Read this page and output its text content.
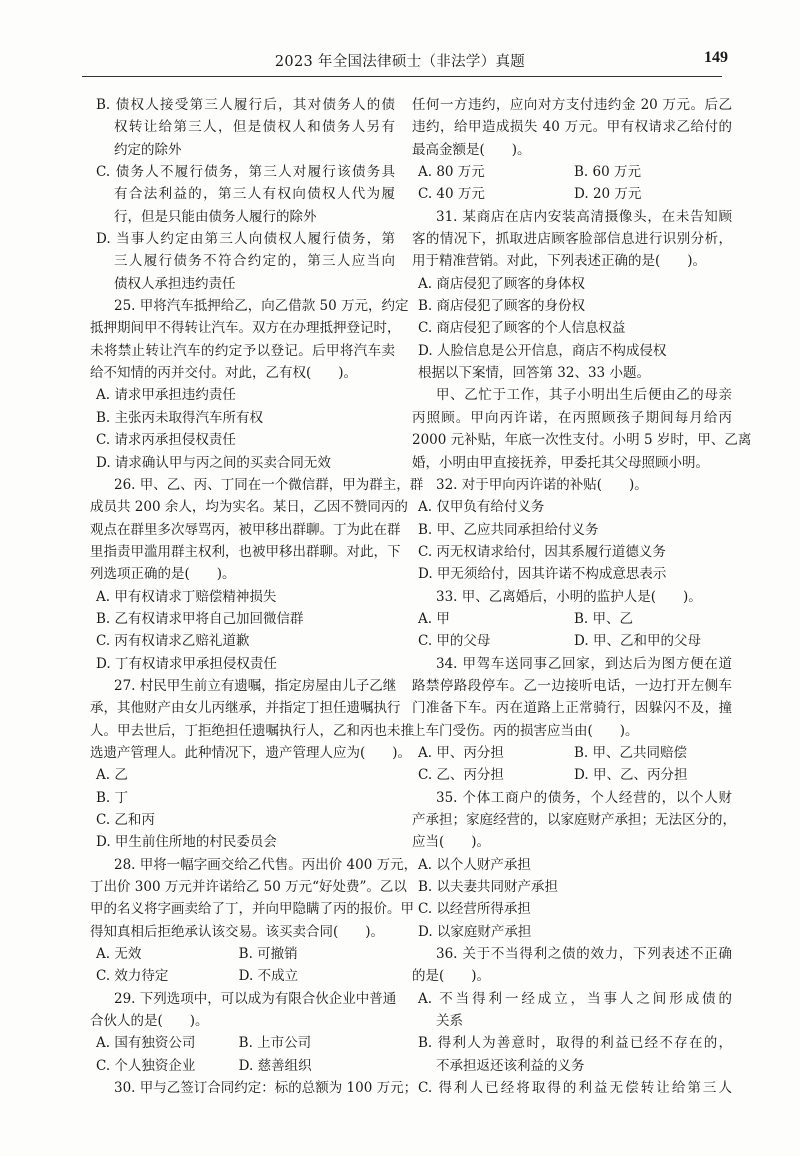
2023 年全国法律硕士（非法学）真题	149
B. 债权人接受第三人履行后，其对债务人的债
权转让给第三人，但是债权人和债务人另有
约定的除外
C. 债务人不履行债务，第三人对履行该债务具
有合法利益的，第三人有权向债权人代为履
行，但是只能由债务人履行的除外
D. 当事人约定由第三人向债权人履行债务，第
三人履行债务不符合约定的，第三人应当向
债权人承担违约责任
25. 甲将汽车抵押给乙，向乙借款 50 万元，约定
抵押期间甲不得转让汽车。双方在办理抵押登记时，
未将禁止转让汽车的约定予以登记。后甲将汽车卖
给不知情的丙并交付。对此，乙有权(　　)。
A. 请求甲承担违约责任
B. 主张丙未取得汽车所有权
C. 请求丙承担侵权责任
D. 请求确认甲与丙之间的买卖合同无效
26. 甲、乙、丙、丁同在一个微信群，甲为群主，群
成员共 200 余人，均为实名。某日，乙因不赞同丙的
观点在群里多次辱骂丙，被甲移出群聊。丁为此在群
里指责甲滥用群主权利，也被甲移出群聊。对此，下
列选项正确的是(　　)。
A. 甲有权请求丁赔偿精神损失
B. 乙有权请求甲将自己加回微信群
C. 丙有权请求乙赔礼道歉
D. 丁有权请求甲承担侵权责任
27. 村民甲生前立有遗嘱，指定房屋由儿子乙继
承，其他财产由女儿丙继承，并指定丁担任遗嘱执行
人。甲去世后，丁拒绝担任遗嘱执行人，乙和丙也未推
选遗产管理人。此种情况下，遗产管理人应为(　　)。
A. 乙
B. 丁
C. 乙和丙
D. 甲生前住所地的村民委员会
28. 甲将一幅字画交给乙代售。丙出价 400 万元，
丁出价 300 万元并许诺给乙 50 万元“好处费”。乙以
甲的名义将字画卖给了丁，并向甲隐瞒了丙的报价。甲
得知真相后拒绝承认该交易。该买卖合同(　　)。
A. 无效	B. 可撤销
C. 效力待定	D. 不成立
29. 下列选项中，可以成为有限合伙企业中普通
合伙人的是(　　)。
A. 国有独资公司	B. 上市公司
C. 个人独资企业	D. 慈善组织
30. 甲与乙签订合同约定：标的总额为 100 万元；
任何一方违约，应向对方支付违约金 20 万元。后乙
违约，给甲造成损失 40 万元。甲有权请求乙给付的
最高金额是(　　)。
A. 80 万元	B. 60 万元
C. 40 万元	D. 20 万元
31. 某商店在店内安装高清摄像头，在未告知顾
客的情况下，抓取进店顾客脸部信息进行识别分析，
用于精准营销。对此，下列表述正确的是(　　)。
A. 商店侵犯了顾客的身体权
B. 商店侵犯了顾客的身份权
C. 商店侵犯了顾客的个人信息权益
D. 人脸信息是公开信息，商店不构成侵权
根据以下案情，回答第 32、33 小题。
甲、乙忙于工作，其子小明出生后便由乙的母亲
丙照顾。甲向丙许诺，在丙照顾孩子期间每月给丙
2000 元补贴，年底一次性支付。小明 5 岁时，甲、乙离
婚，小明由甲直接抚养，甲委托其父母照顾小明。
32. 对于甲向丙许诺的补贴(　　)。
A. 仅甲负有给付义务
B. 甲、乙应共同承担给付义务
C. 丙无权请求给付，因其系履行道德义务
D. 甲无须给付，因其许诺不构成意思表示
33. 甲、乙离婚后，小明的监护人是(　　)。
A. 甲	B. 甲、乙
C. 甲的父母	D. 甲、乙和甲的父母
34. 甲驾车送同事乙回家，到达后为图方便在道
路禁停路段停车。乙一边接听电话，一边打开左侧车
门准备下车。丙在道路上正常骑行，因躲闪不及，撞
上车门受伤。丙的损害应当由(　　)。
A. 甲、丙分担	B. 甲、乙共同赔偿
C. 乙、丙分担	D. 甲、乙、丙分担
35. 个体工商户的债务，个人经营的，以个人财
产承担；家庭经营的，以家庭财产承担；无法区分的，
应当(　　)。
A. 以个人财产承担
B. 以夫妻共同财产承担
C. 以经营所得承担
D. 以家庭财产承担
36. 关于不当得利之债的效力，下列表述不正确
的是(　　)。
A. 不当得利一经成立，当事人之间形成债的
关系
B. 得利人为善意时，取得的利益已经不存在的，
不承担返还该利益的义务
C. 得利人已经将取得的利益无偿转让给第三人
